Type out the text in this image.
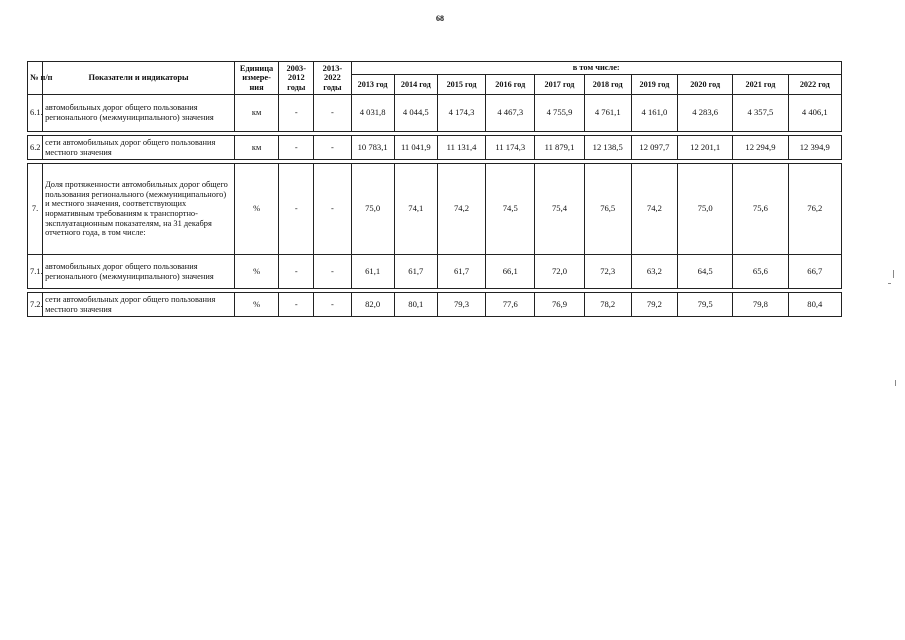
68
№ п/п	Показатели и индикаторы	Единица измере-ния	2003-2012 годы	2013-2022 годы	в том числе:									
					2013 год	2014 год	2015 год	2016 год	2017 год	2018 год	2019 год	2020 год	2021 год	2022 год
6.1.	автомобильных дорог общего пользования регионального (межмуниципального) значения	км	-	-	4 031,8	4 044,5	4 174,3	4 467,3	4 755,9	4 761,1	4 161,0	4 283,6	4 357,5	4 406,1

6.2	сети автомобильных дорог общего пользования местного значения	км	-	-	10 783,1	11 041,9	11 131,4	11 174,3	11 879,1	12 138,5	12 097,7	12 201,1	12 294,9	12 394,9

7.	Доля протяженности автомобильных дорог общего пользования регионального (межмуниципального) и местного значения, соответствующих нормативным требованиям к транспортно-эксплуатационным показателям, на 31 декабря отчетного года, в том числе:	%	-	-	75,0	74,1	74,2	74,5	75,4	76,5	74,2	75,0	75,6	76,2
7.1.	автомобильных дорог общего пользования регионального (межмуниципального) значения	%	-	-	61,1	61,7	61,7	66,1	72,0	72,3	63,2	64,5	65,6	66,7

7.2.	сети автомобильных дорог общего пользования местного значения	%	-	-	82,0	80,1	79,3	77,6	76,9	78,2	79,2	79,5	79,8	80,4
